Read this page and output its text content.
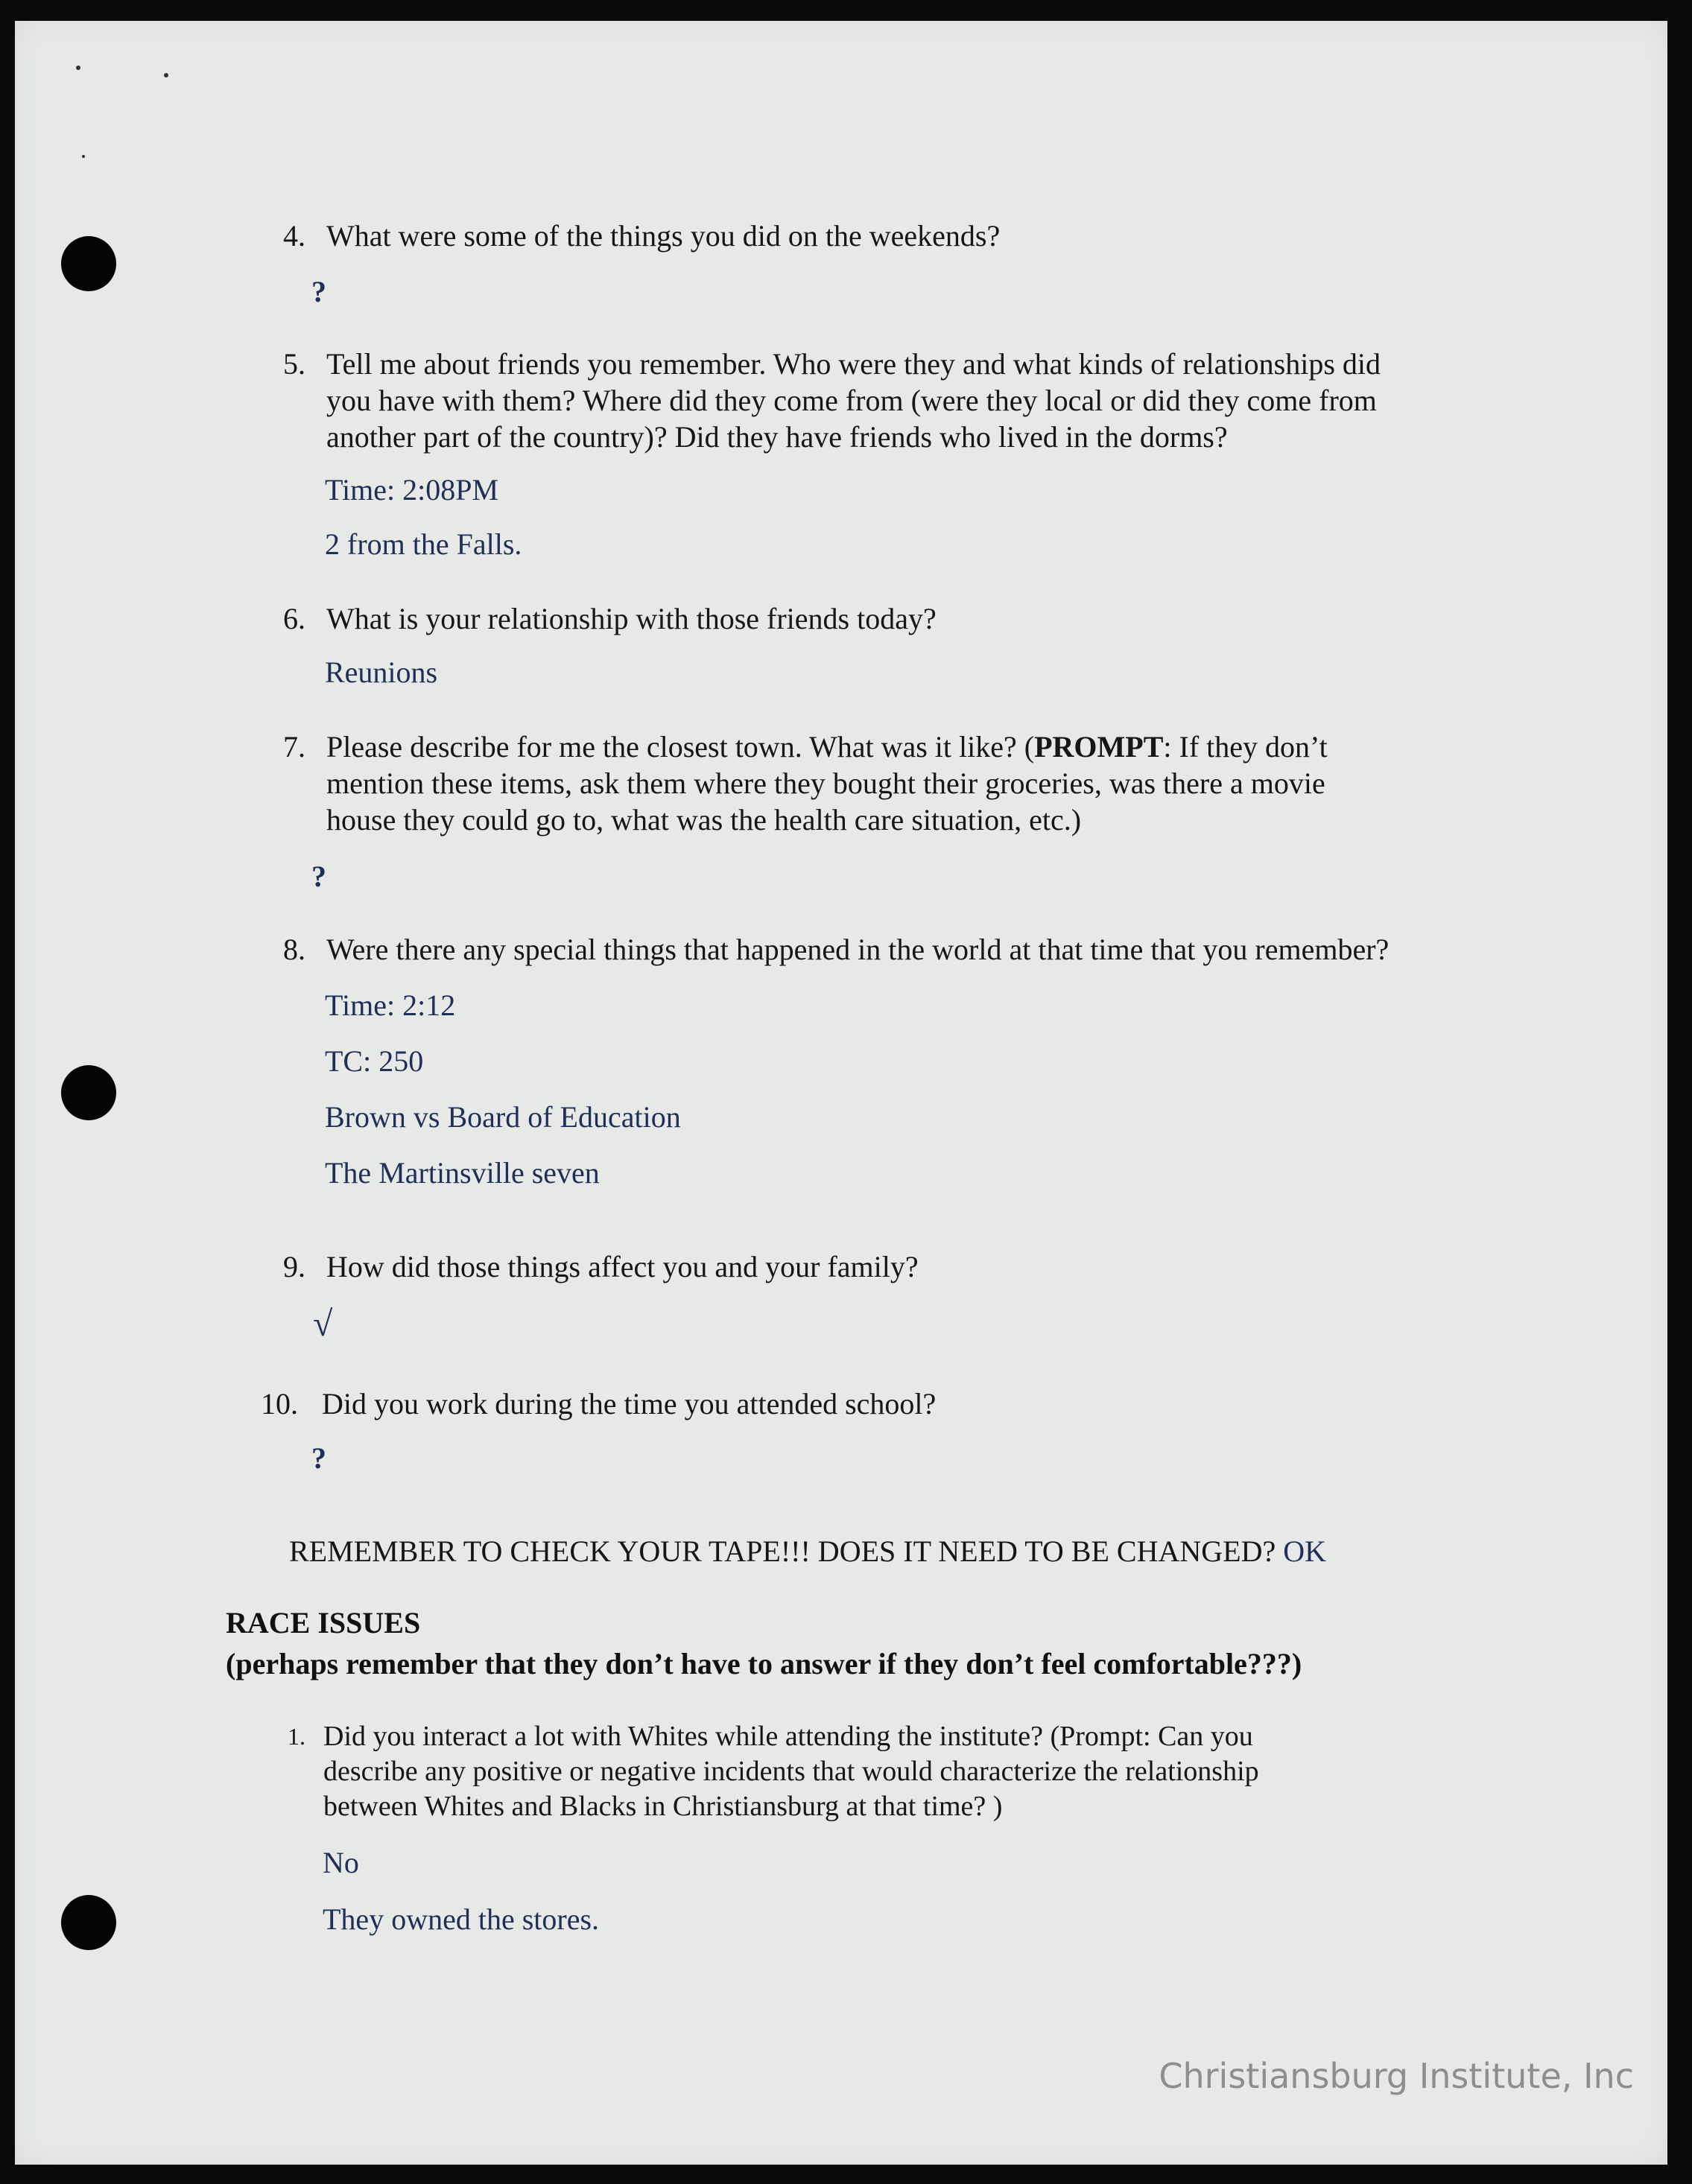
4. What were some of the things you did on the weekends?
?
5. Tell me about friends you remember. Who were they and what kinds of relationships did
you have with them? Where did they come from (were they local or did they come from
another part of the country)? Did they have friends who lived in the dorms?
Time: 2:08PM
2 from the Falls.
6. What is your relationship with those friends today?
Reunions
7. Please describe for me the closest town. What was it like? (PROMPT: If they don’t
mention these items, ask them where they bought their groceries, was there a movie
house they could go to, what was the health care situation, etc.)
?
8. Were there any special things that happened in the world at that time that you remember?
Time: 2:12
TC: 250
Brown vs Board of Education
The Martinsville seven
9. How did those things affect you and your family?
√
10. Did you work during the time you attended school?
?
REMEMBER TO CHECK YOUR TAPE!!! DOES IT NEED TO BE CHANGED? OK
RACE ISSUES
(perhaps remember that they don’t have to answer if they don’t feel comfortable???)
1. Did you interact a lot with Whites while attending the institute? (Prompt: Can you
describe any positive or negative incidents that would characterize the relationship
between Whites and Blacks in Christiansburg at that time? )
No
They owned the stores.
Christiansburg Institute, Inc
